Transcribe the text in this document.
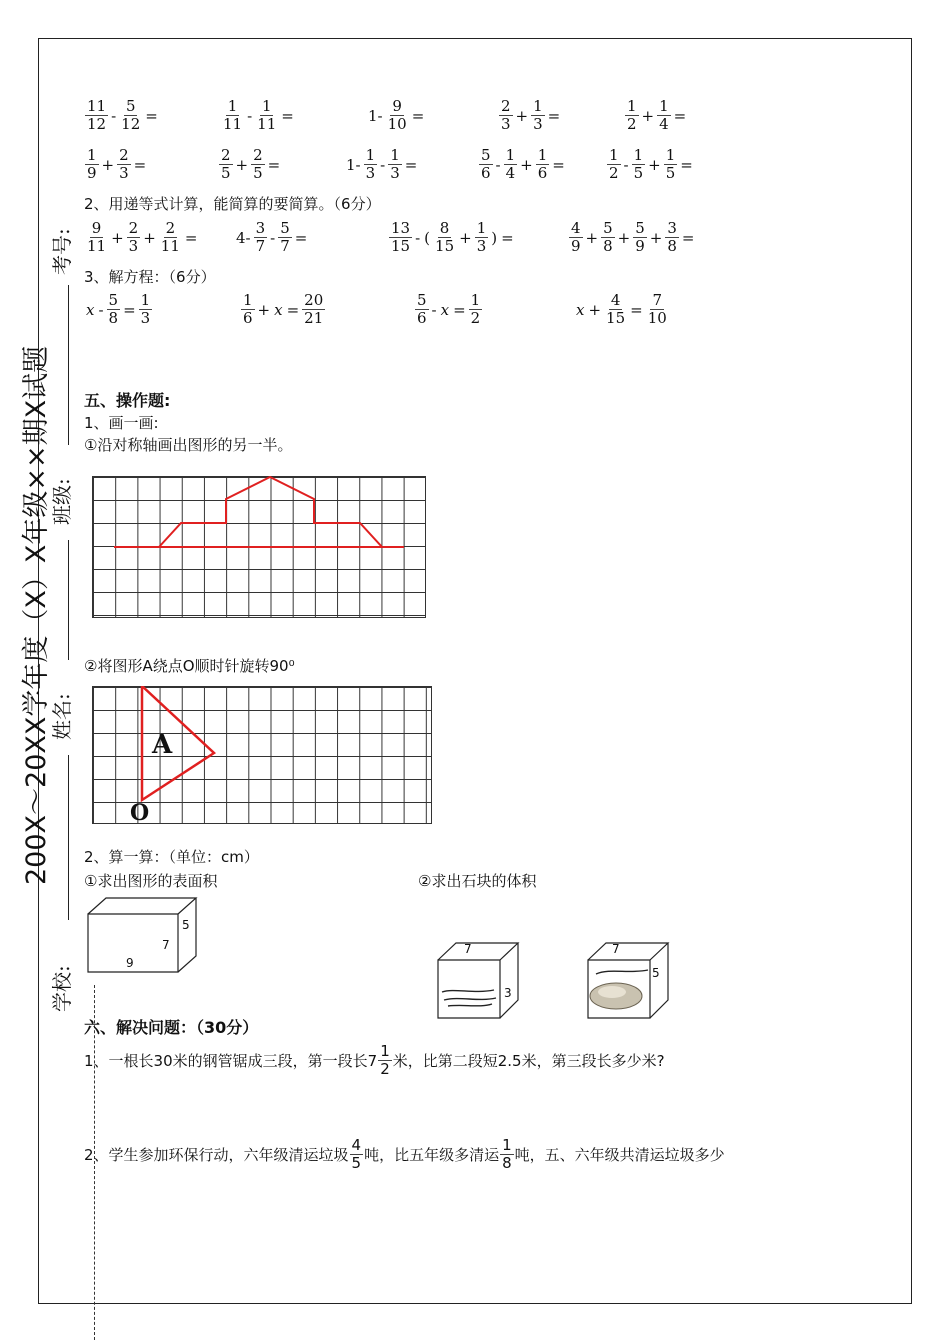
200X～20XX学年度（X）X年级××期X试题
考号:
班级:
姓名:
学校:
$\frac{11}{12} - \frac{5}{12}$ =	$\frac{1}{11} - \frac{1}{11}$ =	$1- \frac{9}{10}$ =	$\frac{2}{3} + \frac{1}{3}$ =	$\frac{1}{2} + \frac{1}{4}$ =
$\frac{1}{9} + \frac{2}{3}$ =	$\frac{2}{5} + \frac{2}{5}$ =	$1- \frac{1}{3} - \frac{1}{3}$ =	$\frac{5}{6} - \frac{1}{4} + \frac{1}{6}$ =	$\frac{1}{2} - \frac{1}{5} + \frac{1}{5}$ =
2、用递等式计算，能简算的要简算。（6分）
$\frac{9}{11} + \frac{2}{3} + \frac{2}{11}$ =	$4- \frac{3}{7} - \frac{5}{7}$ =	$\frac{13}{15}$ - ( $\frac{8}{15} + \frac{1}{3}$ ) =	$\frac{4}{9} + \frac{5}{8} + \frac{5}{9} + \frac{3}{8}$ =
3、解方程：（6分）
$x - \frac{5}{8} = \frac{1}{3}$	$\frac{1}{6} + x = \frac{20}{21}$	$\frac{5}{6} - x = \frac{1}{2}$	$x + \frac{4}{15} = \frac{7}{10}$
五、操作题:
1、画一画:
①沿对称轴画出图形的另一半。
②将图形A绕点O顺时针旋转90⁰
A
O
2、算一算：（单位：cm）
①求出图形的表面积	②求出石块的体积
5
7
9
7
3
7
5
六、解决问题：（30分）
1、一根长30米的钢管锯成三段，第一段长$7 \frac{1}{2}$ 米，比第二段短2.5米，第三段长多少米?
2、学生参加环保行动，六年级清运垃圾 $\frac{4}{5}$ 吨，比五年级多清运 $\frac{1}{8}$ 吨，五、六年级共清运垃圾多少
